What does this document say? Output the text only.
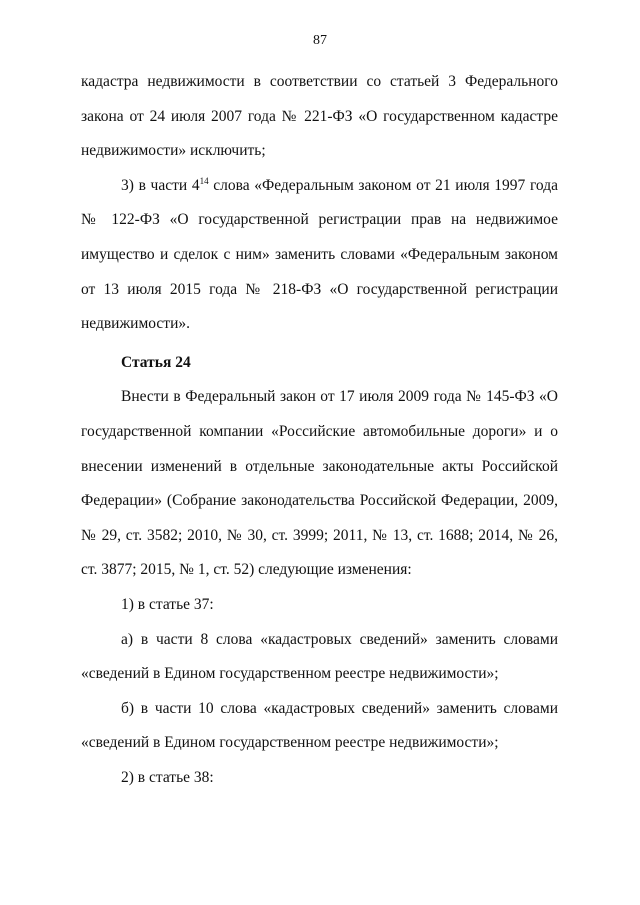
87

кадастра недвижимости в соответствии со статьей 3 Федерального закона от 24 июля 2007 года № 221-ФЗ «О государственном кадастре недвижимости» исключить;

3) в части $4^{14}$ слова «Федеральным законом от 21 июля 1997 года № 122-ФЗ «О государственной регистрации прав на недвижимое имущество и сделок с ним» заменить словами «Федеральным законом от 13 июля 2015 года № 218-ФЗ «О государственной регистрации недвижимости».

Статья 24

Внести в Федеральный закон от 17 июля 2009 года № 145-ФЗ «О государственной компании «Российские автомобильные дороги» и о внесении изменений в отдельные законодательные акты Российской Федерации» (Собрание законодательства Российской Федерации, 2009, № 29, ст. 3582; 2010, № 30, ст. 3999; 2011, № 13, ст. 1688; 2014, № 26, ст. 3877; 2015, № 1, ст. 52) следующие изменения:

1) в статье 37:

а) в части 8 слова «кадастровых сведений» заменить словами «сведений в Едином государственном реестре недвижимости»;

б) в части 10 слова «кадастровых сведений» заменить словами «сведений в Едином государственном реестре недвижимости»;

2) в статье 38:
